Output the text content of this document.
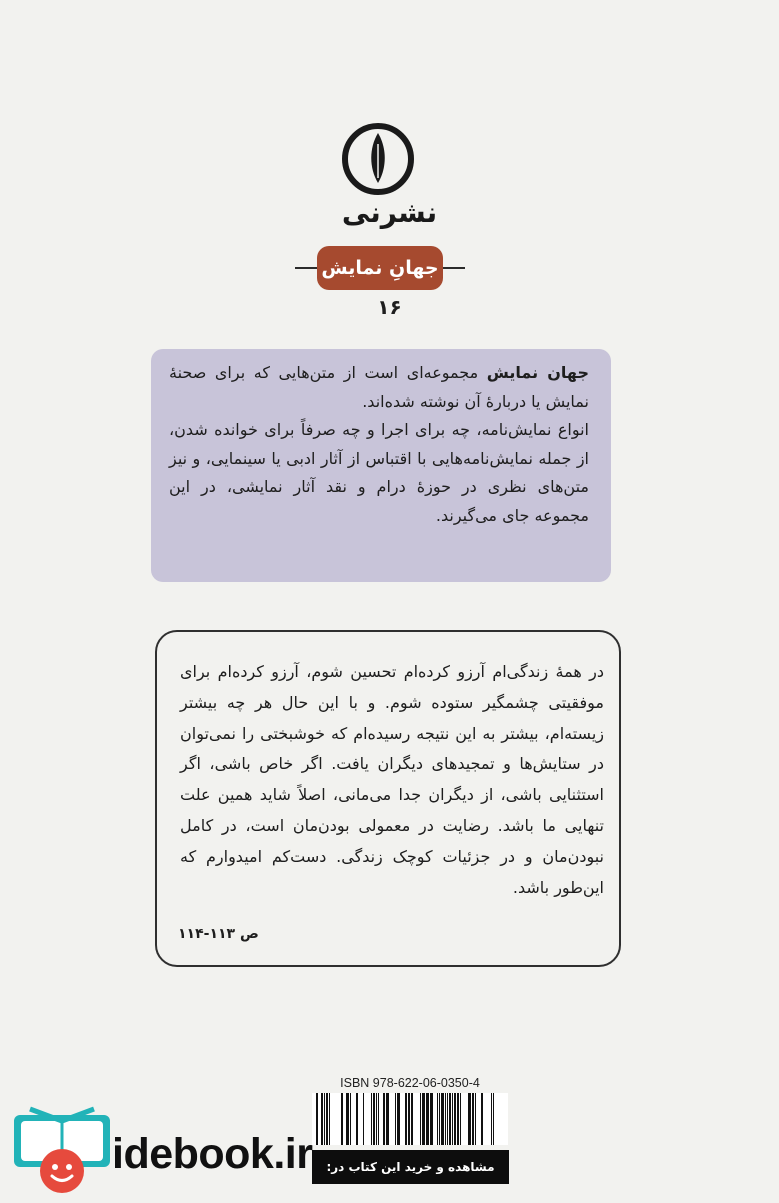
نشرنی
جهانِ نمایش
۱۶
جهان نمایش مجموعه‌ای است از متن‌هایی که برای صحنهٔ نمایش یا دربارهٔ آن نوشته شده‌اند.
انواع نمایش‌نامه، چه برای اجرا و چه صرفاً برای خوانده شدن، از جمله نمایش‌نامه‌هایی با اقتباس از آثار ادبی یا سینمایی، و نیز متن‌های نظری در حوزهٔ درام و نقد آثار نمایشی، در این مجموعه جای می‌گیرند.
در همهٔ زندگی‌ام آرزو کرده‌ام تحسین شوم، آرزو کرده‌ام برای موفقیتی چشمگیر ستوده شوم. و با این حال هر چه بیشتر زیسته‌ام، بیشتر به این نتیجه رسیده‌ام که خوشبختی را نمی‌توان در ستایش‌ها و تمجیدهای دیگران یافت. اگر خاص باشی، اگر استثنایی باشی، از دیگران جدا می‌مانی، اصلاً شاید همین علت تنهایی ما باشد. رضایت در معمولی بودن‌مان است، در کامل نبودن‌مان و در جزئیات کوچک زندگی. دست‌کم امیدوارم که این‌طور باشد.
ص ۱۱۳-۱۱۴
ISBN 978-622-06-0350-4
idebook.ir	مشاهده و خرید این کتاب در:
